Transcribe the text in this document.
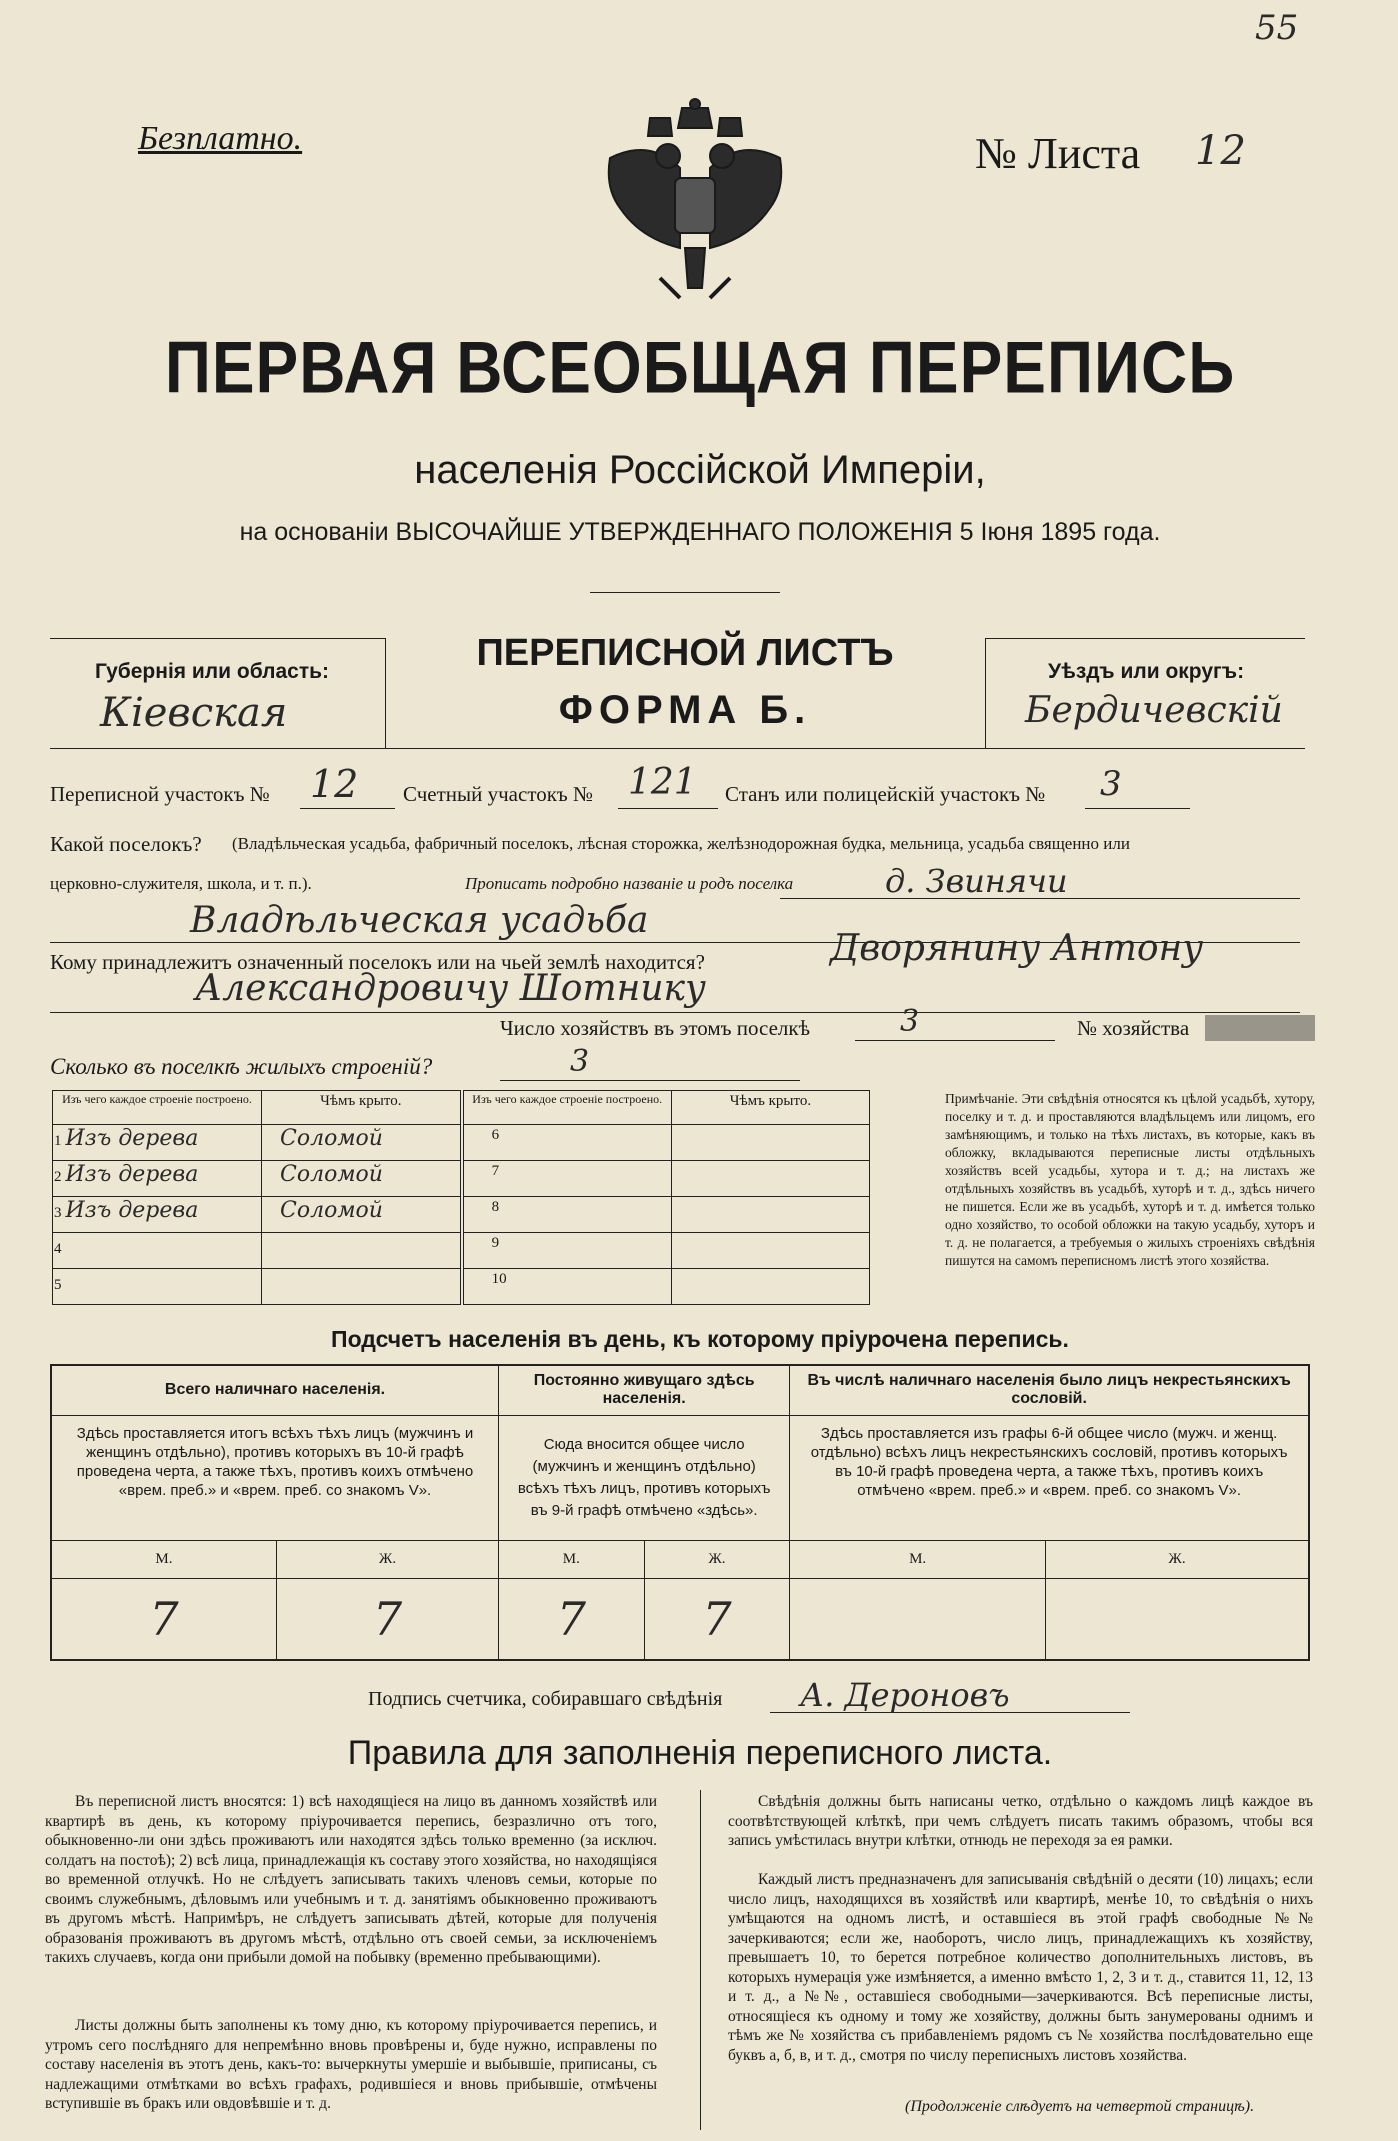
55
Безплатно.	№ Листа 12
ПЕРВАЯ ВСЕОБЩАЯ ПЕРЕПИСЬ
населенія Россійской Имперіи,
на основаніи ВЫСОЧАЙШЕ УТВЕРЖДЕННАГО ПОЛОЖЕНІЯ 5 Іюня 1895 года.
Губернія или область:
Кіевская
ПЕРЕПИСНОЙ ЛИСТЪ
ФОРМА Б.
Уѣздъ или округъ:
Бердичевскій
Переписной участокъ № 12 Счетный участокъ № 121 Станъ или полицейскій участокъ № 3
Какой поселокъ? (Владѣльческая усадьба, фабричный поселокъ, лѣсная сторожка, желѣзнодорожная будка, мельница, усадьба священно или
церковно-служителя, школа, и т. п.).	Прописать подробно названіе и родъ поселка	д. Звинячи
Владѣльческая усадьба
Кому принадлежитъ означенный поселокъ или на чьей землѣ находится?	Дворянину Антону
Александровичу Шотнику
Число хозяйствъ въ этомъ поселкѣ	3	№ хозяйства
Сколько въ поселкѣ жилыхъ строеній?	3
Изъ чего каждое строеніе построено.	Чѣмъ крыто.	Изъ чего каждое строеніе построено.	Чѣмъ крыто.
1 Изъ дерева	Соломой	6	
2 Изъ дерева	Соломой	7	
3 Изъ дерева	Соломой	8	
4		9	
5		10	
Примѣчаніе. Эти свѣдѣнія относятся къ цѣлой усадьбѣ, хутору, поселку и т. д. и проставляются владѣльцемъ или лицомъ, его замѣняющимъ, и только на тѣхъ листахъ, въ которые, какъ въ обложку, вкладываются переписные листы отдѣльныхъ хозяйствъ всей усадьбы, хутора и т. д.; на листахъ же отдѣльныхъ хозяйствъ въ усадьбѣ, хуторѣ и т. д., здѣсь ничего не пишется. Если же въ усадьбѣ, хуторѣ и т. д. имѣется только одно хозяйство, то особой обложки на такую усадьбу, хуторъ и т. д. не полагается, а требуемыя о жилыхъ строеніяхъ свѣдѣнія пишутся на самомъ переписномъ листѣ этого хозяйства.
Подсчетъ населенія въ день, къ которому пріурочена перепись.
Всего наличнаго населенія.		Постоянно живущаго здѣсь населенія.		Въ числѣ наличнаго населенія было лицъ некрестьянскихъ сословій.	
Здѣсь проставляется итогъ всѣхъ тѣхъ лицъ (мужчинъ и женщинъ отдѣльно), противъ которыхъ въ 10-й графѣ проведена черта, а также тѣхъ, противъ коихъ отмѣчено «врем. преб.» и «врем. преб. со знакомъ V».		Сюда вносится общее число (мужчинъ и женщинъ отдѣльно) всѣхъ тѣхъ лицъ, противъ которыхъ въ 9-й графѣ отмѣчено «здѣсь».		Здѣсь проставляется изъ графы 6-й общее число (мужч. и женщ. отдѣльно) всѣхъ лицъ некрестьянскихъ сословій, противъ которыхъ въ 10-й графѣ проведена черта, а также тѣхъ, противъ коихъ отмѣчено «врем. преб.» и «врем. преб. со знакомъ V».	
М.	Ж.	М.	Ж.	М.	Ж.
7	7	7	7		
Подпись счетчика, собиравшаго свѣдѣнія А. Дероновъ
Правила для заполненія переписного листа.
Въ переписной листъ вносятся: 1) всѣ находящіеся на лицо въ данномъ хозяйствѣ или квартирѣ въ день, къ которому пріурочивается перепись, безразлично отъ того, обыкновенно-ли они здѣсь проживаютъ или находятся здѣсь только временно (за исключ. солдатъ на постоѣ); 2) всѣ лица, принадлежащія къ составу этого хозяйства, но находящіяся во временной отлучкѣ. Но не слѣдуетъ записывать такихъ членовъ семьи, которые по своимъ служебнымъ, дѣловымъ или учебнымъ и т. д. занятіямъ обыкновенно проживаютъ въ другомъ мѣстѣ. Напримѣръ, не слѣдуетъ записывать дѣтей, которые для полученія образованія проживаютъ въ другомъ мѣстѣ, отдѣльно отъ своей семьи, за исключеніемъ такихъ случаевъ, когда они прибыли домой на побывку (временно пребывающими).
Листы должны быть заполнены къ тому дню, къ которому пріурочивается перепись, и утромъ сего послѣдняго для непремѣнно вновь провѣрены и, буде нужно, исправлены по составу населенія въ этотъ день, какъ-то: вычеркнуты умершіе и выбывшіе, приписаны, съ надлежащими отмѣтками во всѣхъ графахъ, родившіеся и вновь прибывшіе, отмѣчены вступившіе въ бракъ или овдовѣвшіе и т. д.
Свѣдѣнія должны быть написаны четко, отдѣльно о каждомъ лицѣ каждое въ соотвѣтствующей клѣткѣ, при чемъ слѣдуетъ писать такимъ образомъ, чтобы вся запись умѣстилась внутри клѣтки, отнюдь не переходя за ея рамки.
Каждый листъ предназначенъ для записыванія свѣдѣній о десяти (10) лицахъ; если число лицъ, находящихся въ хозяйствѣ или квартирѣ, менѣе 10, то свѣдѣнія о нихъ умѣщаются на одномъ листѣ, и оставшіеся въ этой графѣ свободные №№ зачеркиваются; если же, наоборотъ, число лицъ, принадлежащихъ къ хозяйству, превышаетъ 10, то берется потребное количество дополнительныхъ листовъ, въ которыхъ нумерація уже измѣняется, а именно вмѣсто 1, 2, 3 и т. д., ставится 11, 12, 13 и т. д., а №№, оставшіеся свободными—зачеркиваются. Всѣ переписные листы, относящіеся къ одному и тому же хозяйству, должны быть занумерованы однимъ и тѣмъ же № хозяйства съ прибавленіемъ рядомъ съ № хозяйства послѣдовательно еще буквъ а, б, в, и т. д., смотря по числу переписныхъ листовъ хозяйства.
(Продолженіе слѣдуетъ на четвертой страницѣ).
